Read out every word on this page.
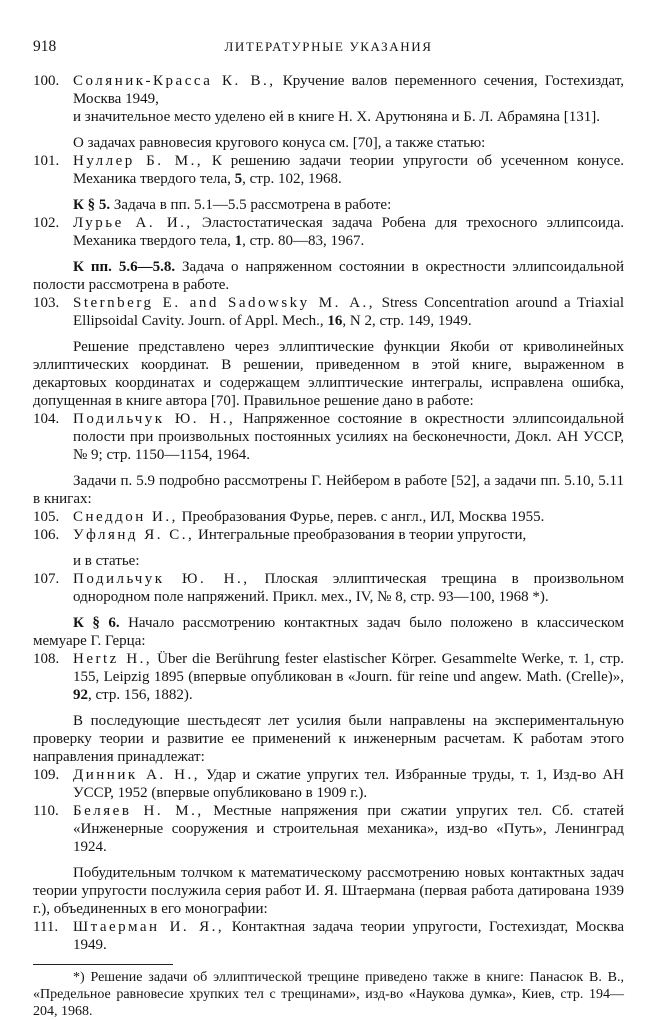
918	ЛИТЕРАТУРНЫЕ УКАЗАНИЯ
100. Соляник-Красса К. В., Кручение валов переменного сечения, Гостехиздат, Москва 1949,

и значительное место уделено ей в книге Н. Х. Арутюняна и Б. Л. Абрамяна [131].

О задачах равновесия кругового конуса см. [70], а также статью:

101. Нуллер Б. М., К решению задачи теории упругости об усеченном конусе. Механика твердого тела, 5, стр. 102, 1968.

К § 5. Задача в пп. 5.1—5.5 рассмотрена в работе:

102. Лурье А. И., Эластостатическая задача Робена для трехосного эллипсоида. Механика твердого тела, 1, стр. 80—83, 1967.

К пп. 5.6—5.8. Задача о напряженном состоянии в окрестности эллипсоидальной полости рассмотрена в работе.

103. Sternberg E. and Sadowsky M. A., Stress Concentration around a Triaxial Ellipsoidal Cavity. Journ. of Appl. Mech., 16, N 2, стр. 149, 1949.

Решение представлено через эллиптические функции Якоби от криволинейных эллиптических координат. В решении, приведенном в этой книге, выраженном в декартовых координатах и содержащем эллиптические интегралы, исправлена ошибка, допущенная в книге автора [70]. Правильное решение дано в работе:

104. Подильчук Ю. Н., Напряженное состояние в окрестности эллипсоидальной полости при произвольных постоянных усилиях на бесконечности, Докл. АН УССР, № 9; стр. 1150—1154, 1964.

Задачи п. 5.9 подробно рассмотрены Г. Нейбером в работе [52], а задачи пп. 5.10, 5.11 в книгах:

105. Снеддон И., Преобразования Фурье, перев. с англ., ИЛ, Москва 1955.

106. Уфлянд Я. С., Интегральные преобразования в теории упругости,

и в статье:

107. Подильчук Ю. Н., Плоская эллиптическая трещина в произвольном однородном поле напряжений. Прикл. мех., IV, № 8, стр. 93—100, 1968 *).

К § 6. Начало рассмотрению контактных задач было положено в классическом мемуаре Г. Герца:

108. Hertz H., Über die Berührung fester elastischer Körper. Gesammelte Werke, т. 1, стр. 155, Leipzig 1895 (впервые опубликован в «Journ. für reine und angew. Math. (Crelle)», 92, стр. 156, 1882).

В последующие шестьдесят лет усилия были направлены на экспериментальную проверку теории и развитие ее применений к инженерным расчетам. К работам этого направления принадлежат:

109. Динник А. Н., Удар и сжатие упругих тел. Избранные труды, т. 1, Изд-во АН УССР, 1952 (впервые опубликовано в 1909 г.).

110. Беляев Н. М., Местные напряжения при сжатии упругих тел. Сб. статей «Инженерные сооружения и строительная механика», изд-во «Путь», Ленинград 1924.

Побудительным толчком к математическому рассмотрению новых контактных задач теории упругости послужила серия работ И. Я. Штаермана (первая работа датирована 1939 г.), объединенных в его монографии:

111. Штаерман И. Я., Контактная задача теории упругости, Гостехиздат, Москва 1949.

*) Решение задачи об эллиптической трещине приведено также в книге: Панасюк В. В., «Предельное равновесие хрупких тел с трещинами», изд-во «Наукова думка», Киев, стр. 194—204, 1968.
